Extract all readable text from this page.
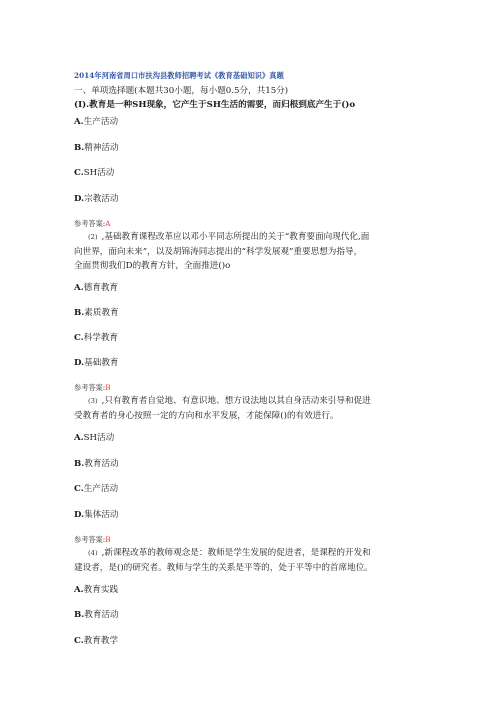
2014年河南省周口市扶沟县教师招聘考试《教育基础知识》真题
一、单项选择题(本题共30小题，每小题0.5分，共15分)
(I).教育是一种SH现象，它产生于SH生活的需要，而归根到底产生于()o
A.生产活动
B.精神活动
C.SH活动
D.宗教活动
参考答案:A
(2) ,基础教育课程改革应以邓小平同志所提出的关于“教育要面向现代化,面
向世界，面向未来”，以及胡锦涛同志提出的“科学发展观”重要思想为指导，
全面贯彻我们D的教育方针，全面推进()o
A.德育教育
B.素质教育
C.科学教育
D.基础教育
参考答案:B
(3) ,只有教育者自觉地、有意识地、想方设法地以其自身活动来引导和促进
受教育者的身心按照一定的方向和水平发展，才能保障()的有效进行。
A.SH活动
B.教育活动
C.生产活动
D.集体活动
参考答案:B
(4) ,新课程改革的教师观念是：教师是学生发展的促进者，是课程的开发和
建设者，是()的研究者。教师与学生的关系是平等的，处于平等中的首席地位。
A.教育实践
B.教育活动
C.教育教学
